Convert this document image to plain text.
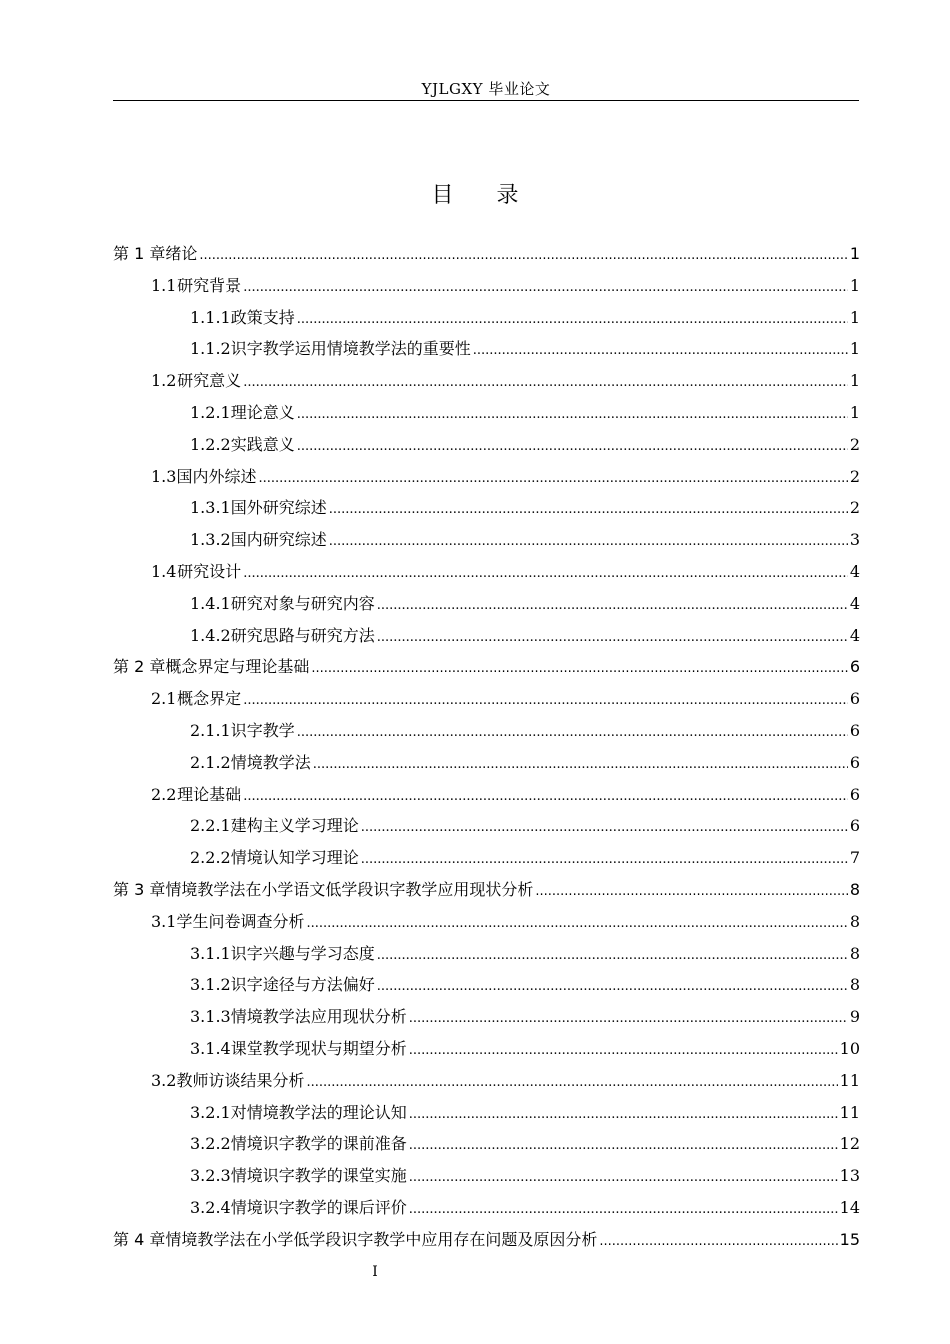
YJLGXY 毕业论文
目 录
第 1 章 绪论 .....	1
1.1 研究背景 .....	1
1.1.1 政策支持 .....	1
1.1.2 识字教学运用情境教学法的重要性 .....	1
1.2 研究意义 .....	1
1.2.1 理论意义 .....	1
1.2.2 实践意义 .....	2
1.3 国内外综述 .....	2
1.3.1 国外研究综述 .....	2
1.3.2 国内研究综述 .....	3
1.4 研究设计 .....	4
1.4.1 研究对象与研究内容 .....	4
1.4.2 研究思路与研究方法 .....	4
第 2 章 概念界定与理论基础 .....	6
2.1 概念界定 .....	6
2.1.1 识字教学 .....	6
2.1.2 情境教学法 .....	6
2.2 理论基础 .....	6
2.2.1 建构主义学习理论 .....	6
2.2.2 情境认知学习理论 .....	7
第 3 章 情境教学法在小学语文低学段识字教学应用现状分析 .....	8
3.1 学生问卷调查分析 .....	8
3.1.1 识字兴趣与学习态度 .....	8
3.1.2 识字途径与方法偏好 .....	8
3.1.3 情境教学法应用现状分析 .....	9
3.1.4 课堂教学现状与期望分析 .....	10
3.2 教师访谈结果分析 .....	11
3.2.1 对情境教学法的理论认知 .....	11
3.2.2 情境识字教学的课前准备 .....	12
3.2.3 情境识字教学的课堂实施 .....	13
3.2.4 情境识字教学的课后评价 .....	14
第 4 章 情境教学法在小学低学段识字教学中应用存在问题及原因分析 .....	15
I
